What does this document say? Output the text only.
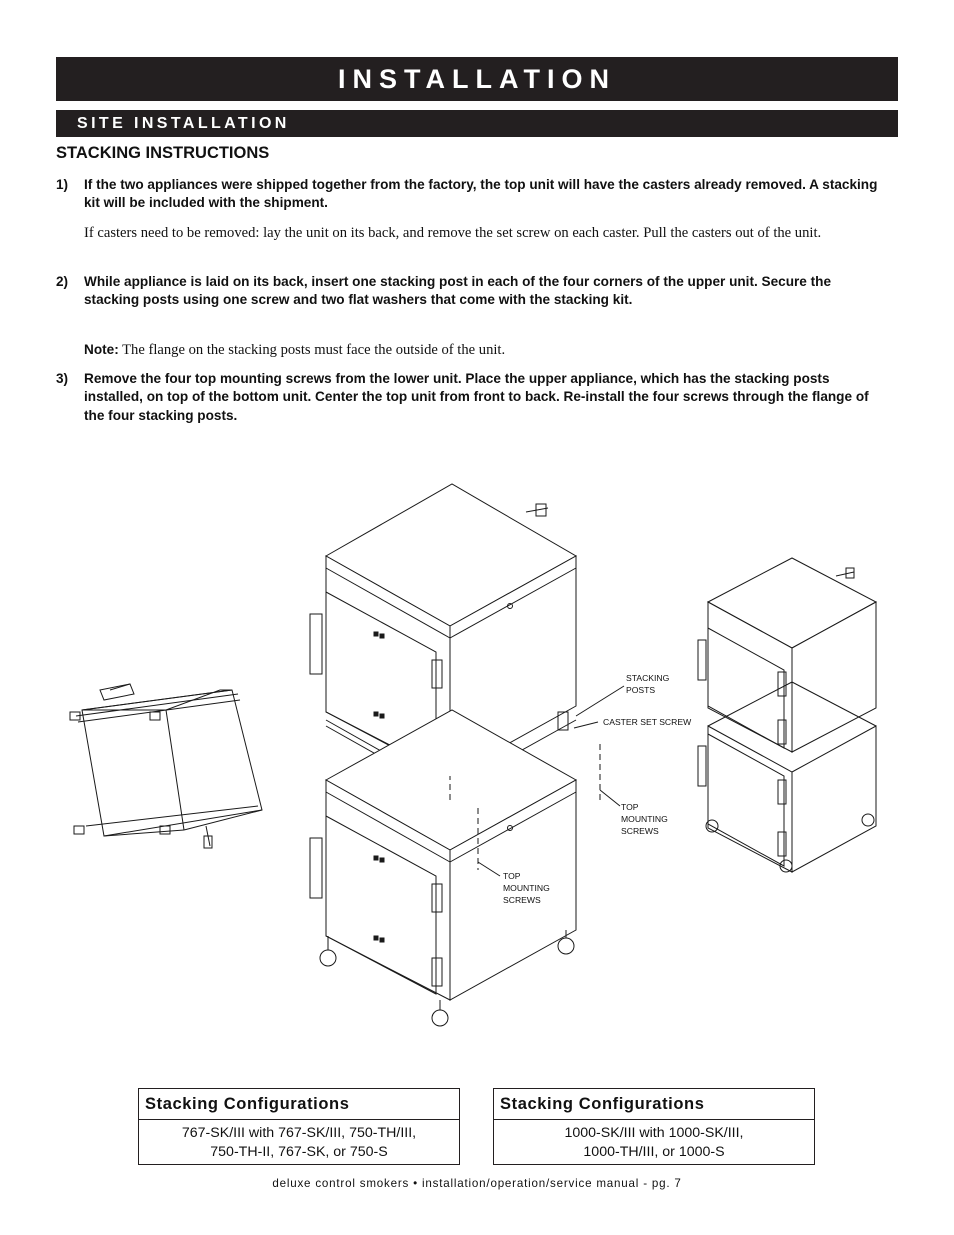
INSTALLATION
SITE INSTALLATION
STACKING INSTRUCTIONS
1) If the two appliances were shipped together from the factory, the top unit will have the casters already removed. A stacking kit will be included with the shipment.
If casters need to be removed: lay the unit on its back, and remove the set screw on each caster. Pull the casters out of the unit.
2) While appliance is laid on its back, insert one stacking post in each of the four corners of the upper unit. Secure the stacking posts using one screw and two flat washers that come with the stacking kit.
Note: The flange on the stacking posts must face the outside of the unit.
3) Remove the four top mounting screws from the lower unit. Place the upper appliance, which has the stacking posts installed, on top of the bottom unit. Center the top unit from front to back. Re-install the four screws through the flange of the four stacking posts.
STACKING
POSTS
CASTER SET SCREW
TOP
MOUNTING
SCREWS
TOP
MOUNTING
SCREWS
Stacking Configurations
767-SK/III with 767-SK/III, 750-TH/III,
750-TH-II, 767-SK, or 750-S
Stacking Configurations
1000-SK/III with 1000-SK/III,
1000-TH/III, or 1000-S
deluxe control smokers • installation/operation/service manual - pg. 7
